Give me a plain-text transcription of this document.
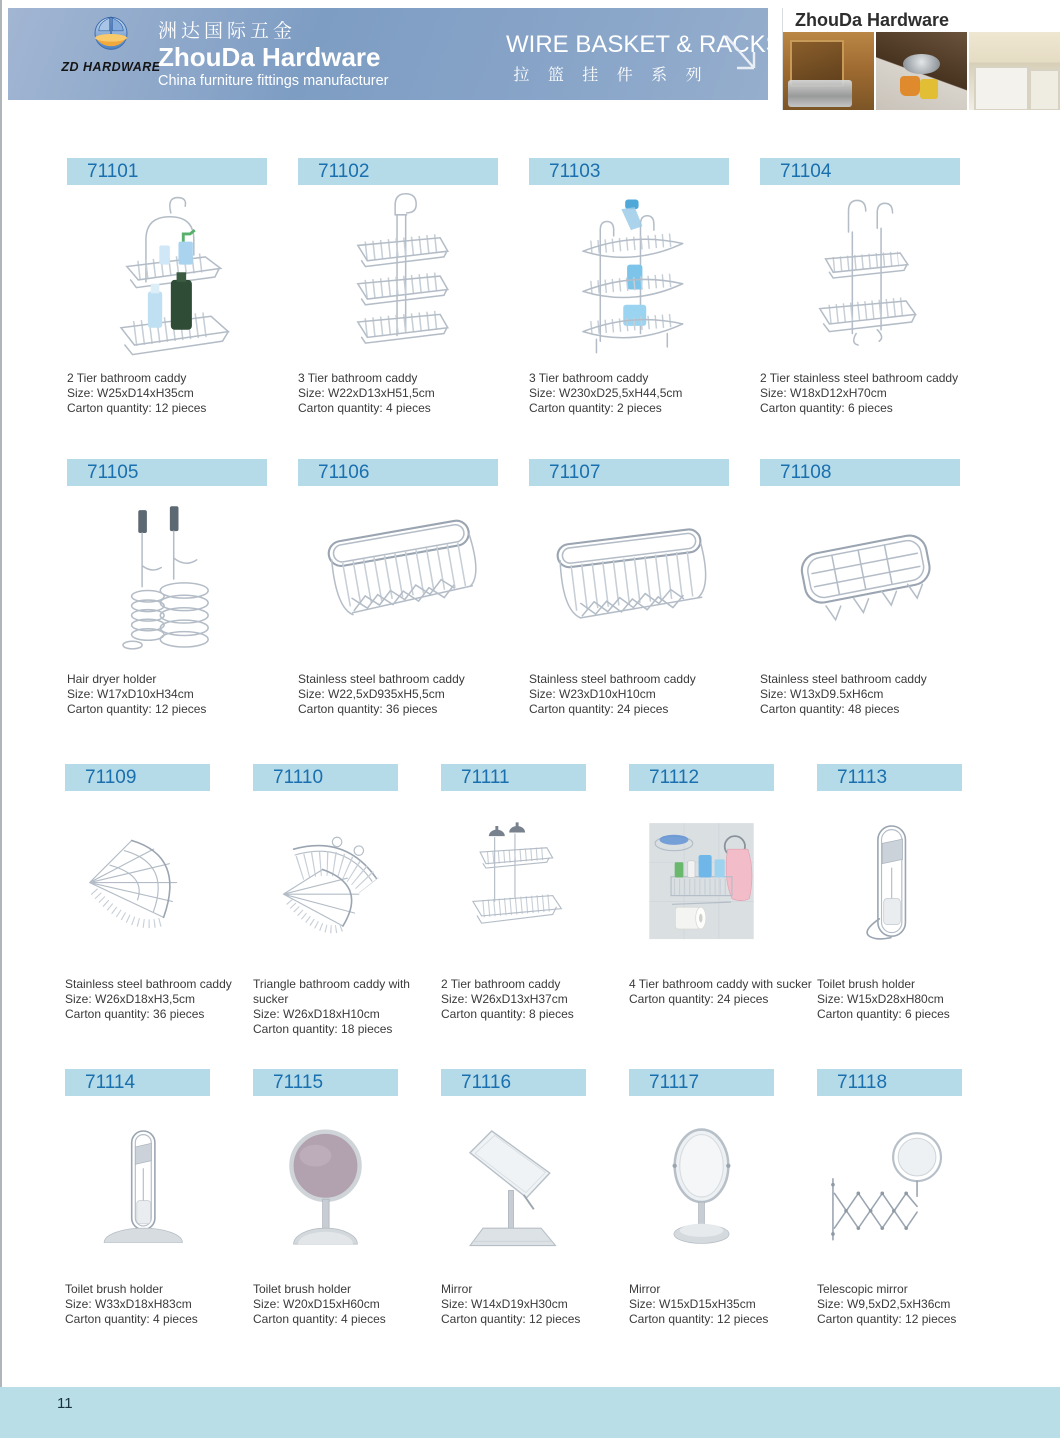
ZD HARDWARE
洲达国际五金
ZhouDa Hardware
China furniture fittings manufacturer
WIRE BASKET & RACKS
拉 篮 挂 件 系 列
ZhouDa Hardware
71101
2 Tier bathroom caddy
Size: W25xD14xH35cm
Carton quantity: 12 pieces
71102
3 Tier bathroom caddy
Size: W22xD13xH51,5cm
Carton quantity: 4 pieces
71103
3 Tier bathroom caddy
Size: W230xD25,5xH44,5cm
Carton quantity: 2 pieces
71104
2 Tier stainless steel bathroom caddy
Size: W18xD12xH70cm
Carton quantity: 6 pieces
71105
Hair dryer holder
Size: W17xD10xH34cm
Carton quantity: 12 pieces
71106
Stainless steel bathroom caddy
Size: W22,5xD935xH5,5cm
Carton quantity: 36 pieces
71107
Stainless steel bathroom caddy
Size: W23xD10xH10cm
Carton quantity: 24 pieces
71108
Stainless steel bathroom caddy
Size: W13xD9.5xH6cm
Carton quantity: 48 pieces
71109
Stainless steel bathroom caddy
Size: W26xD18xH3,5cm
Carton quantity: 36 pieces
71110
Triangle bathroom caddy with sucker
Size: W26xD18xH10cm
Carton quantity: 18 pieces
71111
2 Tier bathroom caddy
Size: W26xD13xH37cm
Carton quantity: 8 pieces
71112
4 Tier bathroom caddy with sucker
Carton quantity: 24 pieces
71113
Toilet brush holder
Size: W15xD28xH80cm
Carton quantity: 6 pieces
71114
Toilet brush holder
Size: W33xD18xH83cm
Carton quantity: 4 pieces
71115
Toilet brush holder
Size: W20xD15xH60cm
Carton quantity: 4 pieces
71116
Mirror
Size: W14xD19xH30cm
Carton quantity: 12 pieces
71117
Mirror
Size: W15xD15xH35cm
Carton quantity: 12 pieces
71118
Telescopic mirror
Size: W9,5xD2,5xH36cm
Carton quantity: 12 pieces
11
